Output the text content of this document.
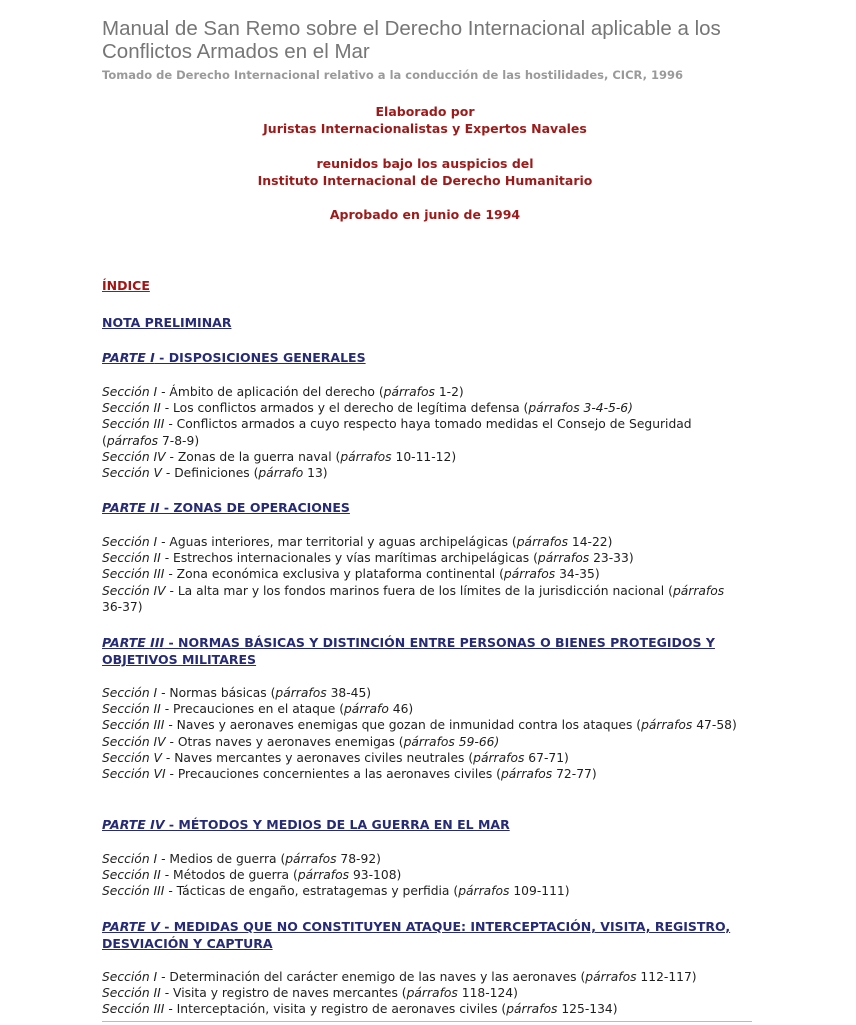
Manual de San Remo sobre el Derecho Internacional aplicable a los Conflictos Armados en el Mar

Tomado de Derecho Internacional relativo a la conducción de las hostilidades, CICR, 1996

Elaborado por
Juristas Internacionalistas y Expertos Navales
reunidos bajo los auspicios del
Instituto Internacional de Derecho Humanitario
Aprobado en junio de 1994

ÍNDICE

NOTA PRELIMINAR

PARTE I - DISPOSICIONES GENERALES

Sección I - Ámbito de aplicación del derecho (párrafos 1-2)
Sección II - Los conflictos armados y el derecho de legítima defensa (párrafos 3-4-5-6)
Sección III - Conflictos armados a cuyo respecto haya tomado medidas el Consejo de Seguridad (párrafos 7-8-9)
Sección IV - Zonas de la guerra naval (párrafos 10-11-12)
Sección V - Definiciones (párrafo 13)

PARTE II - ZONAS DE OPERACIONES

Sección I - Aguas interiores, mar territorial y aguas archipelágicas (párrafos 14-22)
Sección II - Estrechos internacionales y vías marítimas archipelágicas (párrafos 23-33)
Sección III - Zona económica exclusiva y plataforma continental (párrafos 34-35)
Sección IV - La alta mar y los fondos marinos fuera de los límites de la jurisdicción nacional (párrafos 36-37)

PARTE III - NORMAS BÁSICAS Y DISTINCIÓN ENTRE PERSONAS O BIENES PROTEGIDOS Y OBJETIVOS MILITARES

Sección I - Normas básicas (párrafos 38-45)
Sección II - Precauciones en el ataque (párrafo 46)
Sección III - Naves y aeronaves enemigas que gozan de inmunidad contra los ataques (párrafos 47-58)
Sección IV - Otras naves y aeronaves enemigas (párrafos 59-66)
Sección V - Naves mercantes y aeronaves civiles neutrales (párrafos 67-71)
Sección VI - Precauciones concernientes a las aeronaves civiles (párrafos 72-77)

PARTE IV - MÉTODOS Y MEDIOS DE LA GUERRA EN EL MAR

Sección I - Medios de guerra (párrafos 78-92)
Sección II - Métodos de guerra (párrafos 93-108)
Sección III - Tácticas de engaño, estratagemas y perfidia (párrafos 109-111)

PARTE V - MEDIDAS QUE NO CONSTITUYEN ATAQUE: INTERCEPTACIÓN, VISITA, REGISTRO, DESVIACIÓN Y CAPTURA

Sección I - Determinación del carácter enemigo de las naves y las aeronaves (párrafos 112-117)
Sección II - Visita y registro de naves mercantes (párrafos 118-124)
Sección III - Interceptación, visita y registro de aeronaves civiles (párrafos 125-134)
